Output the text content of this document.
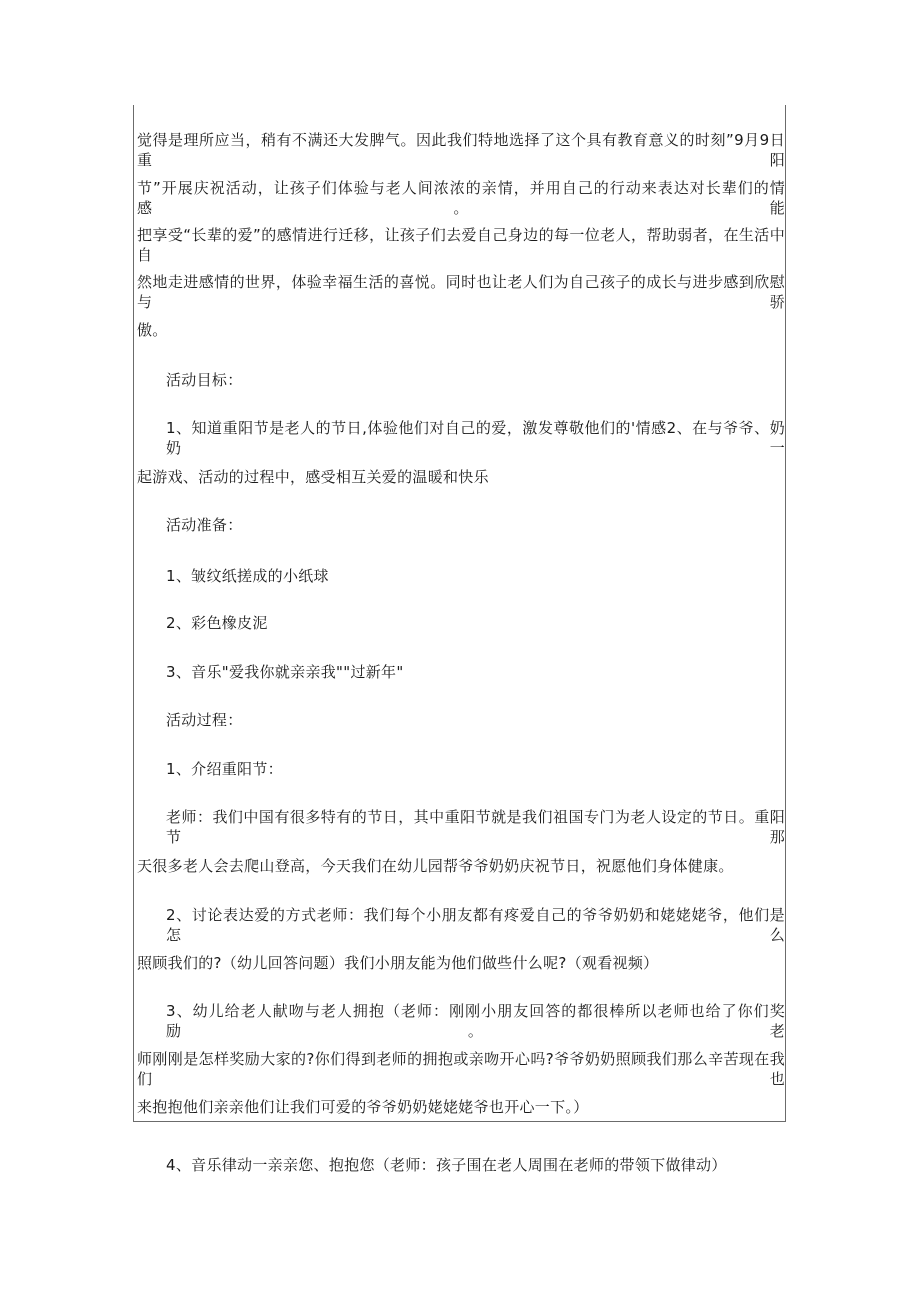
觉得是理所应当，稍有不满还大发脾气。因此我们特地选择了这个具有教育意义的时刻”9月9日重阳
节”开展庆祝活动，让孩子们体验与老人间浓浓的亲情，并用自己的行动来表达对长辈们的情感。能
把享受“长辈的爱”的感情进行迁移，让孩子们去爱自己身边的每一位老人，帮助弱者，在生活中自
然地走进感情的世界，体验幸福生活的喜悦。同时也让老人们为自己孩子的成长与进步感到欣慰与骄
傲。
活动目标：
1、知道重阳节是老人的节日,体验他们对自己的爱，激发尊敬他们的'情感2、在与爷爷、奶奶一
起游戏、活动的过程中，感受相互关爱的温暖和快乐
活动准备：
1、皱纹纸搓成的小纸球
2、彩色橡皮泥
3、音乐"爱我你就亲亲我""过新年"
活动过程：
1、介绍重阳节：
老师：我们中国有很多特有的节日，其中重阳节就是我们祖国专门为老人设定的节日。重阳节那
天很多老人会去爬山登高，今天我们在幼儿园帮爷爷奶奶庆祝节日，祝愿他们身体健康。
2、讨论表达爱的方式老师：我们每个小朋友都有疼爱自己的爷爷奶奶和姥姥姥爷，他们是怎么
照顾我们的?（幼儿回答问题）我们小朋友能为他们做些什么呢?（观看视频）
3、幼儿给老人献吻与老人拥抱（老师：刚刚小朋友回答的都很棒所以老师也给了你们奖励。老
师刚刚是怎样奖励大家的?你们得到老师的拥抱或亲吻开心吗?爷爷奶奶照顾我们那么辛苦现在我们也
来抱抱他们亲亲他们让我们可爱的爷爷奶奶姥姥姥爷也开心一下。）
4、音乐律动一亲亲您、抱抱您（老师：孩子围在老人周围在老师的带领下做律动）
